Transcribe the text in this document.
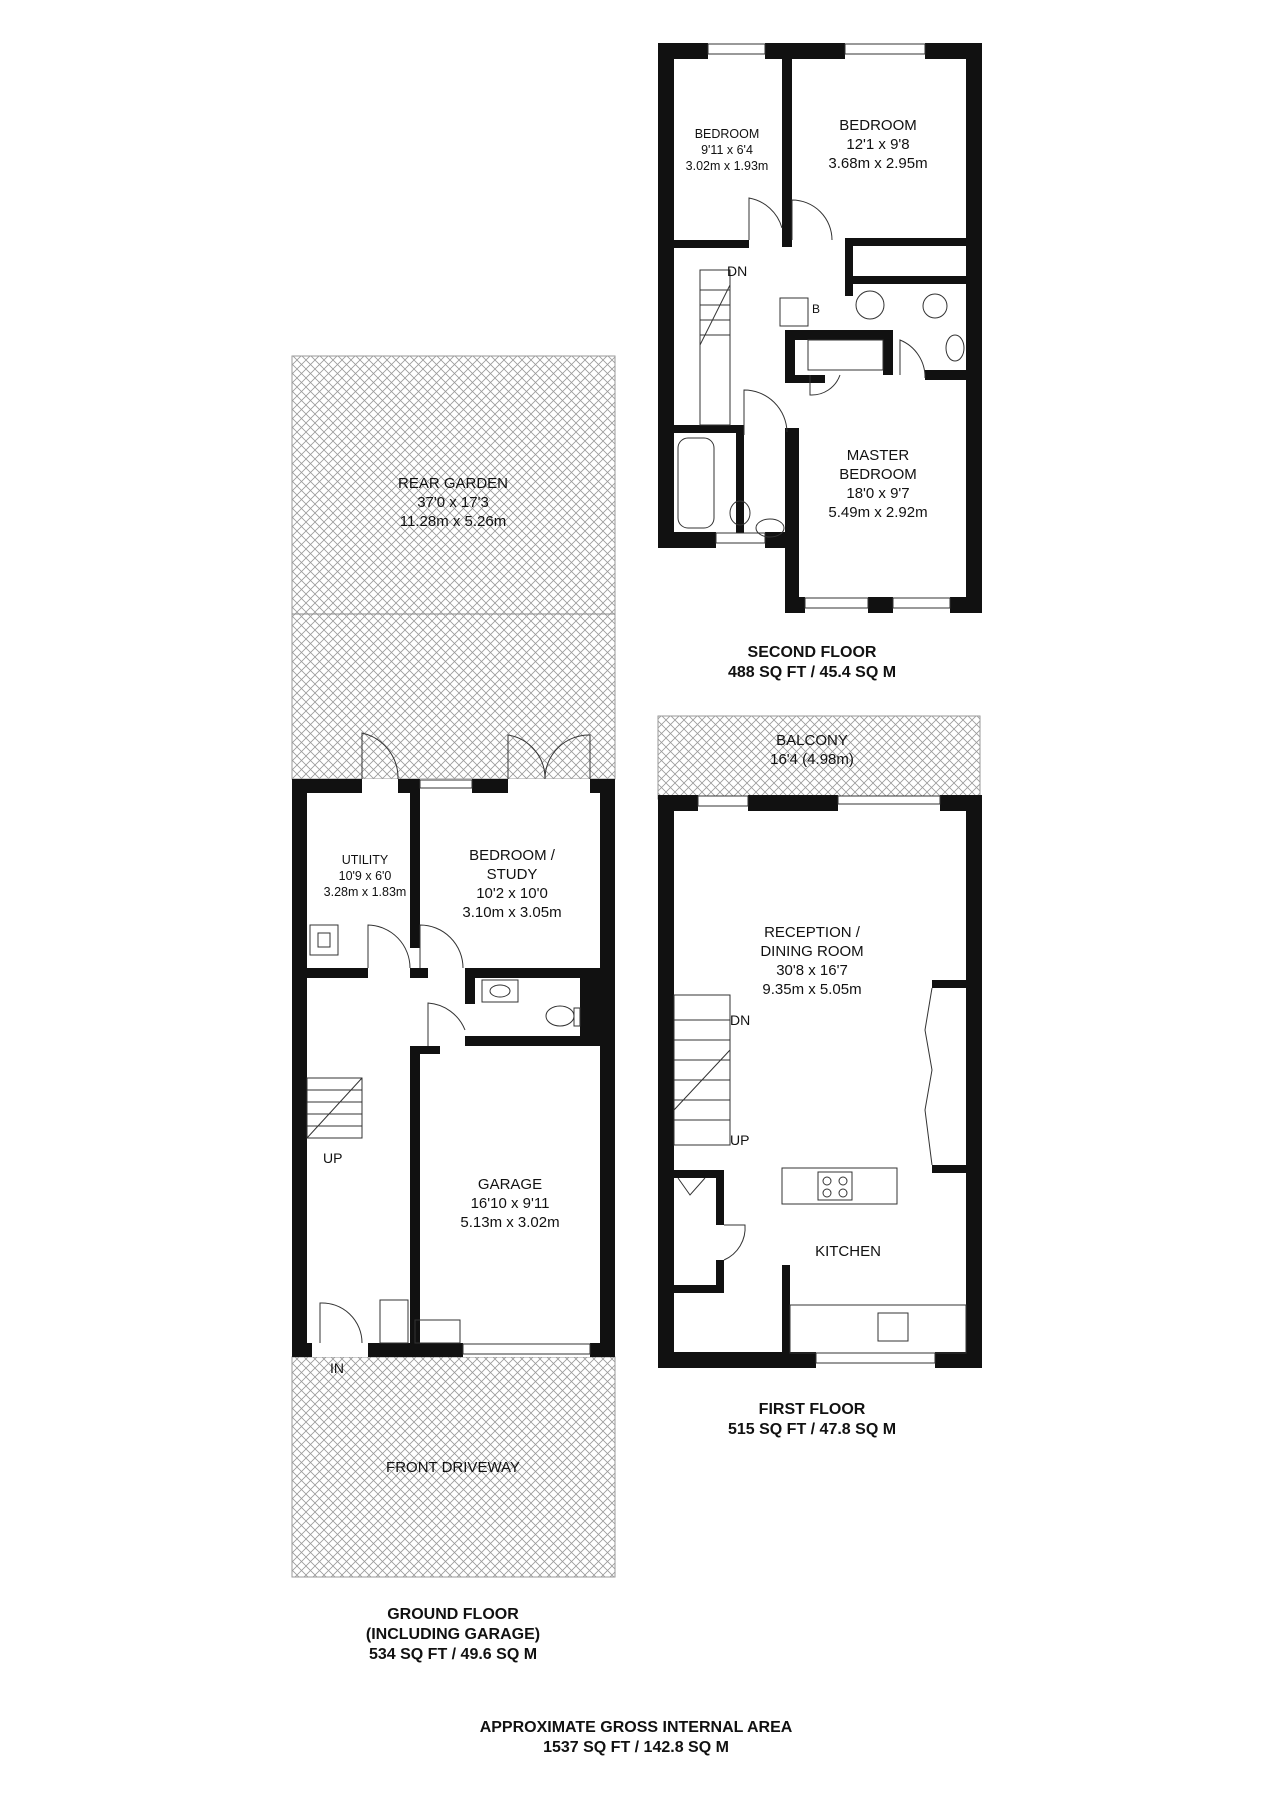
REAR GARDEN
37'0 x 17'3
11.28m x 5.26m
UTILITY
10'9 x 6'0
3.28m x 1.83m
BEDROOM /
STUDY
10'2 x 10'0
3.10m x 3.05m
GARAGE
16'10 x 9'11
5.13m x 3.02m
UP
IN
FRONT DRIVEWAY
GROUND FLOOR
(INCLUDING GARAGE)
534 SQ FT / 49.6 SQ M
BEDROOM
9'11 x 6'4
3.02m x 1.93m
BEDROOM
12'1 x 9'8
3.68m x 2.95m
DN
B
MASTER
BEDROOM
18'0 x 9'7
5.49m x 2.92m
SECOND FLOOR
488 SQ FT / 45.4 SQ M
BALCONY
16'4 (4.98m)
RECEPTION /
DINING ROOM
30'8 x 16'7
9.35m x 5.05m
DN
UP
KITCHEN
FIRST FLOOR
515 SQ FT / 47.8 SQ M
APPROXIMATE GROSS INTERNAL AREA
1537 SQ FT / 142.8 SQ M
